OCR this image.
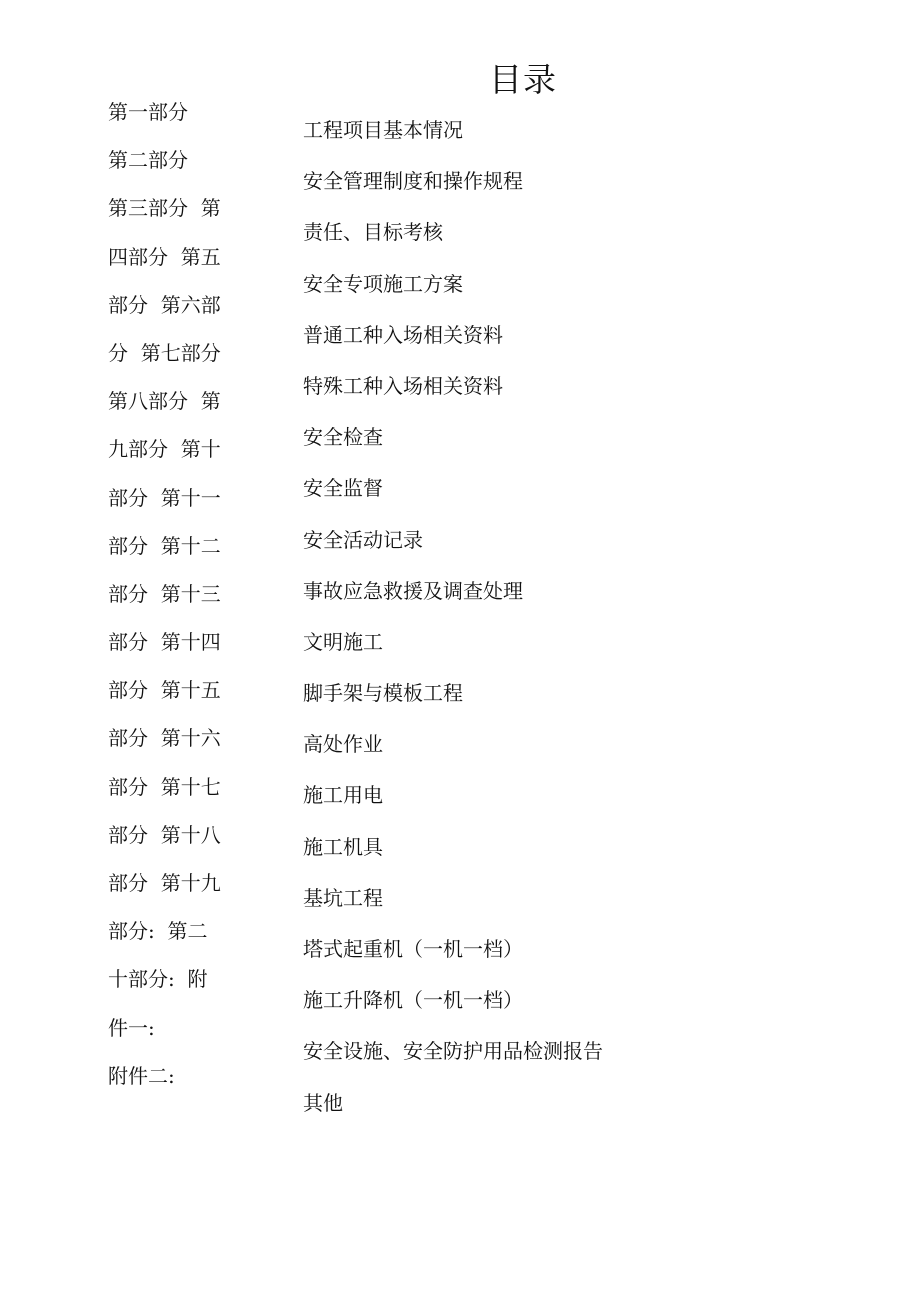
目录
第一部分
第二部分
第三部分  第
四部分  第五
部分  第六部
分  第七部分
第八部分  第
九部分  第十
部分  第十一
部分  第十二
部分  第十三
部分  第十四
部分  第十五
部分  第十六
部分  第十七
部分  第十八
部分  第十九
部分:  第二
十部分:  附
件一:
附件二:
工程项目基本情况
安全管理制度和操作规程
责任、目标考核
安全专项施工方案
普通工种入场相关资料
特殊工种入场相关资料
安全检查
安全监督
安全活动记录
事故应急救援及调查处理
文明施工
脚手架与模板工程
高处作业
施工用电
施工机具
基坑工程
塔式起重机（一机一档）
施工升降机（一机一档）
安全设施、安全防护用品检测报告
其他
